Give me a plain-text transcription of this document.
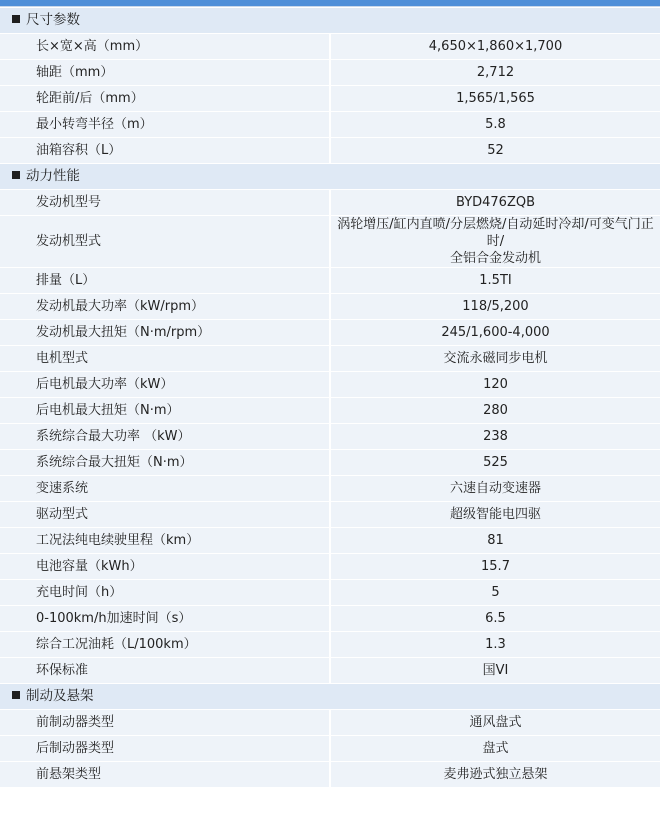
尺寸参数	
长×宽×高（mm）	4,650×1,860×1,700
轴距（mm）	2,712
轮距前/后（mm）	1,565/1,565
最小转弯半径（m）	5.8
油箱容积（L）	52
动力性能	
发动机型号	BYD476ZQB
发动机型式	涡轮增压/缸内直喷/分层燃烧/自动延时冷却/可变气门正时/
全铝合金发动机

排量（L）	1.5TI
发动机最大功率（kW/rpm）	118/5,200
发动机最大扭矩（N·m/rpm）	245/1,600-4,000
电机型式	交流永磁同步电机
后电机最大功率（kW）	120
后电机最大扭矩（N·m）	280
系统综合最大功率 （kW）	238
系统综合最大扭矩（N·m）	525
变速系统	六速自动变速器
驱动型式	超级智能电四驱
工况法纯电续驶里程（km）	81
电池容量（kWh）	15.7
充电时间（h）	5
0-100km/h加速时间（s）	6.5
综合工况油耗（L/100km）	1.3
环保标准	国VI
制动及悬架	
前制动器类型	通风盘式
后制动器类型	盘式
前悬架类型	麦弗逊式独立悬架
